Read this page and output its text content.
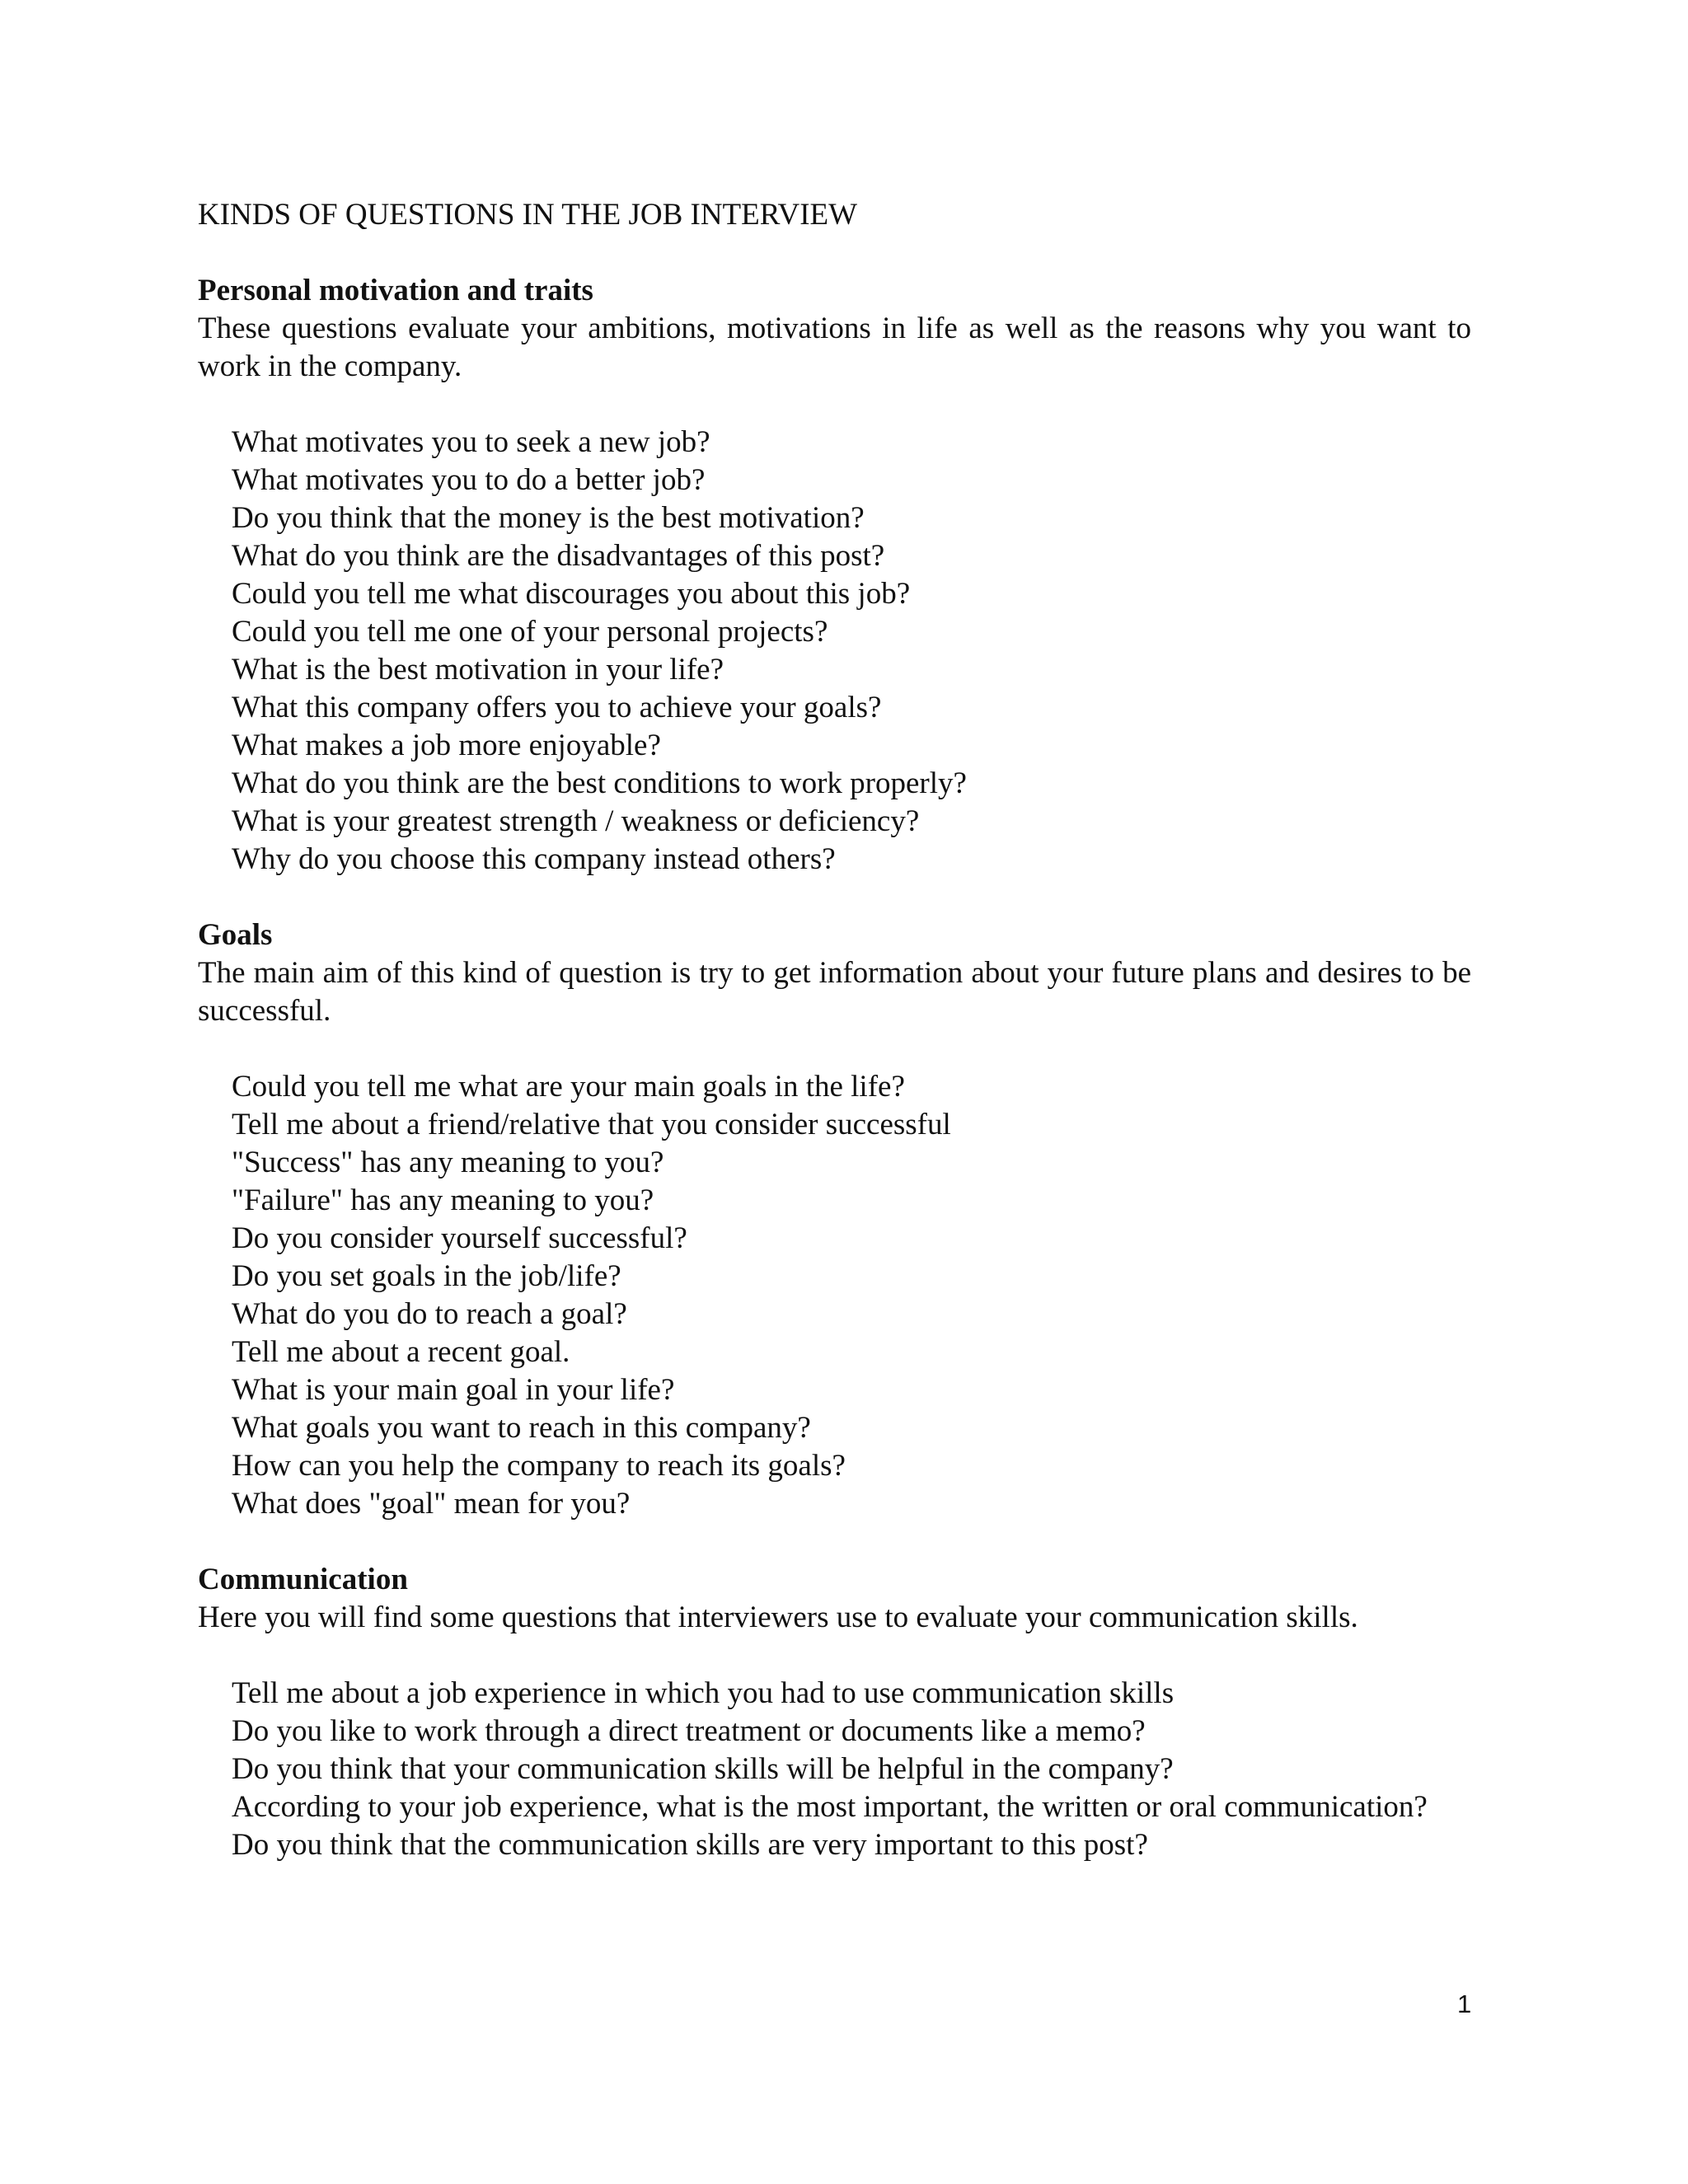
KINDS OF QUESTIONS IN THE JOB INTERVIEW

Personal motivation and traits

These questions evaluate your ambitions, motivations in life as well as the reasons why you want to work in the company.

What motivates you to seek a new job?
What motivates you to do a better job?
Do you think that the money is the best motivation?
What do you think are the disadvantages of this post?
Could you tell me what discourages you about this job?
Could you tell me one of your personal projects?
What is the best motivation in your life?
What this company offers you to achieve your goals?
What makes a job more enjoyable?
What do you think are the best conditions to work properly?
What is your greatest strength / weakness or deficiency?
Why do you choose this company instead others?

Goals

The main aim of this kind of question is try to get information about your future plans and desires to be successful.

Could you tell me what are your main goals in the life?
Tell me about a friend/relative that you consider successful
"Success" has any meaning to you?
"Failure" has any meaning to you?
Do you consider yourself successful?
Do you set goals in the job/life?
What do you do to reach a goal?
Tell me about a recent goal.
What is your main goal in your life?
What goals you want to reach in this company?
How can you help the company to reach its goals?
What does "goal" mean for you?

Communication

Here you will find some questions that interviewers use to evaluate your communication skills.

Tell me about a job experience in which you had to use communication skills
Do you like to work through a direct treatment or documents like a memo?
Do you think that your communication skills will be helpful in the company?
According to your job experience, what is the most important, the written or oral communication?
Do you think that the communication skills are very important to this post?
1
